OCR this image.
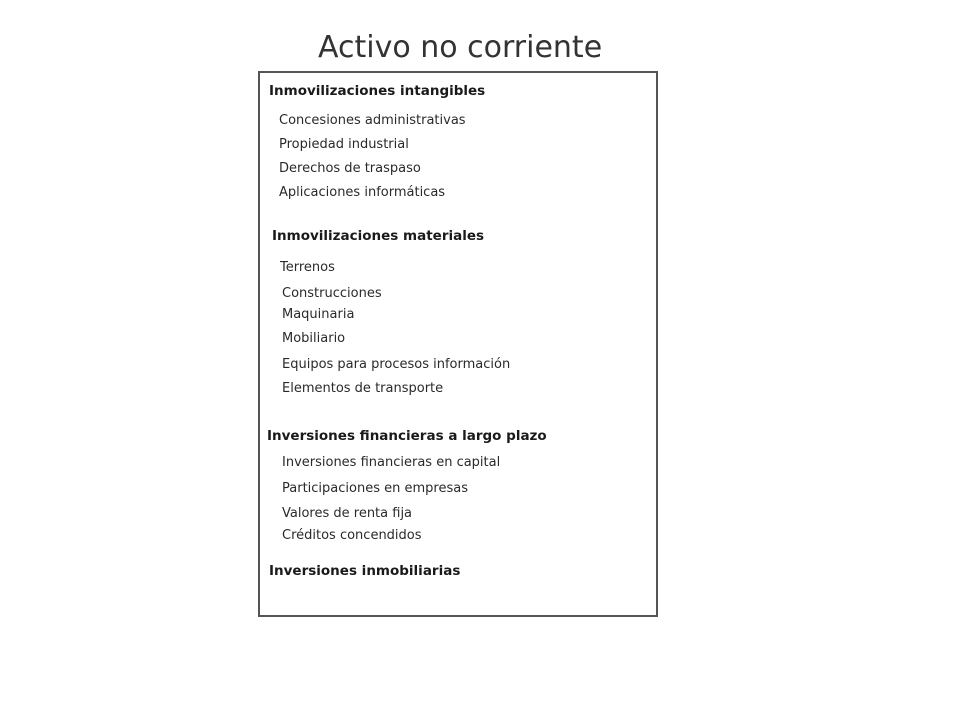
Activo no corriente
Inmovilizaciones intangibles
Concesiones administrativas
Propiedad industrial
Derechos de traspaso
Aplicaciones informáticas
Inmovilizaciones materiales
Terrenos
Construcciones
Maquinaria
Mobiliario
Equipos para procesos información
Elementos de transporte
Inversiones financieras a largo plazo
Inversiones financieras en capital
Participaciones en empresas
Valores de renta fija
Créditos concendidos
Inversiones inmobiliarias
